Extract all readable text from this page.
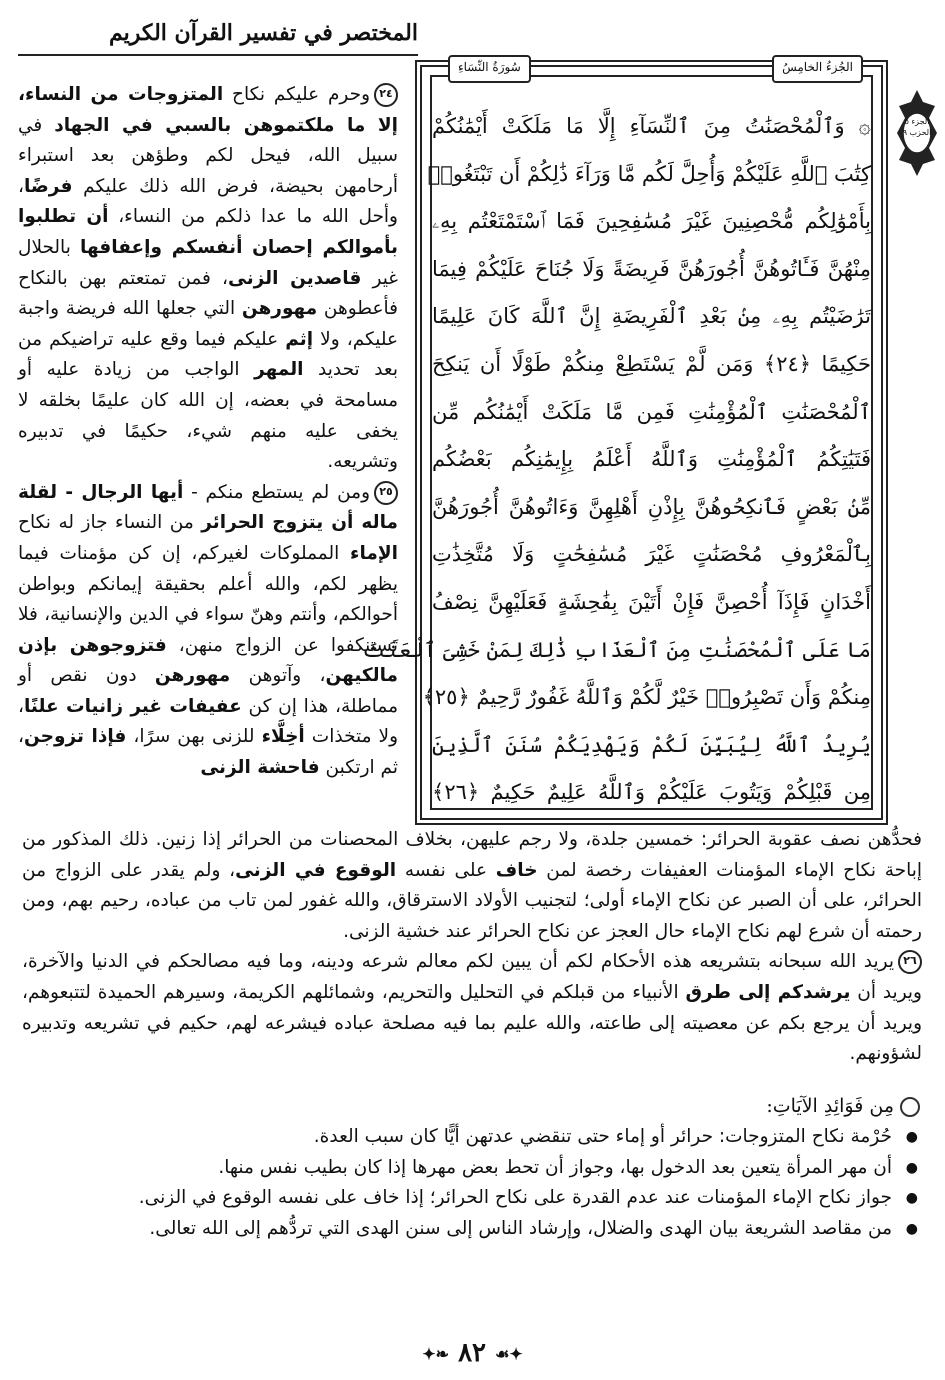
المختصر في تفسير القرآن الكريم
الجزء ٥ الحزب ٩
الجُزءُ الخامِسُ
سُورَةُ النِّسَاءِ
۞ وَٱلْمُحْصَنَٰتُ مِنَ ٱلنِّسَآءِ إِلَّا مَا مَلَكَتْ أَيْمَٰنُكُمْ
كِتَٰبَ ٱللَّهِ عَلَيْكُمْ وَأُحِلَّ لَكُم مَّا وَرَآءَ ذَٰلِكُمْ أَن تَبْتَغُوا۟
بِأَمْوَٰلِكُم مُّحْصِنِينَ غَيْرَ مُسَٰفِحِينَ فَمَا ٱسْتَمْتَعْتُم بِهِۦ
مِنْهُنَّ فَـَٔاتُوهُنَّ أُجُورَهُنَّ فَرِيضَةً وَلَا جُنَاحَ عَلَيْكُمْ فِيمَا
تَرَٰضَيْتُم بِهِۦ مِنۢ بَعْدِ ٱلْفَرِيضَةِ إِنَّ ٱللَّهَ كَانَ عَلِيمًا
حَكِيمًا ﴿٢٤﴾ وَمَن لَّمْ يَسْتَطِعْ مِنكُمْ طَوْلًا أَن يَنكِحَ
ٱلْمُحْصَنَٰتِ ٱلْمُؤْمِنَٰتِ فَمِن مَّا مَلَكَتْ أَيْمَٰنُكُم مِّن
فَتَيَٰتِكُمُ ٱلْمُؤْمِنَٰتِ وَٱللَّهُ أَعْلَمُ بِإِيمَٰنِكُم بَعْضُكُم
مِّنۢ بَعْضٍ فَٱنكِحُوهُنَّ بِإِذْنِ أَهْلِهِنَّ وَءَاتُوهُنَّ أُجُورَهُنَّ
بِٱلْمَعْرُوفِ مُحْصَنَٰتٍ غَيْرَ مُسَٰفِحَٰتٍ وَلَا مُتَّخِذَٰتِ
أَخْدَانٍ فَإِذَآ أُحْصِنَّ فَإِنْ أَتَيْنَ بِفَٰحِشَةٍ فَعَلَيْهِنَّ نِصْفُ
مَا عَلَى ٱلْمُحْصَنَٰتِ مِنَ ٱلْعَذَابِ ذَٰلِكَ لِمَنْ خَشِىَ ٱلْعَنَتَ
مِنكُمْ وَأَن تَصْبِرُوا۟ خَيْرٌ لَّكُمْ وَٱللَّهُ غَفُورٌ رَّحِيمٌ ﴿٢٥﴾
يُرِيدُ ٱللَّهُ لِيُبَيِّنَ لَكُمْ وَيَهْدِيَكُمْ سُنَنَ ٱلَّذِينَ
مِن قَبْلِكُمْ وَيَتُوبَ عَلَيْكُمْ وَٱللَّهُ عَلِيمٌ حَكِيمٌ ﴿٢٦﴾

٢٤وحرم عليكم نكاح المتزوجات من النساء، إلا ما ملكتموهن بالسبي في الجهاد في سبيل الله، فيحل لكم وطؤهن بعد استبراء أرحامهن بحيضة، فرض الله ذلك عليكم فرضًا، وأحل الله ما عدا ذلكم من النساء، أن تطلبوا بأموالكم إحصان أنفسكم وإعفافها بالحلال غير قاصدين الزنى، فمن تمتعتم بهن بالنكاح فأعطوهن مهورهن التي جعلها الله فريضة واجبة عليكم، ولا إثم عليكم فيما وقع عليه تراضيكم من بعد تحديد المهر الواجب من زيادة عليه أو مسامحة في بعضه، إن الله كان عليمًا بخلقه لا يخفى عليه منهم شيء، حكيمًا في تدبيره وتشريعه.

٢٥ومن لم يستطع منكم - أيها الرجال - لقلة ماله أن يتزوج الحرائر من النساء جاز له نكاح الإماء المملوكات لغيركم، إن كن مؤمنات فيما يظهر لكم، والله أعلم بحقيقة إيمانكم وبواطن أحوالكم، وأنتم وهنّ سواء في الدين والإنسانية، فلا تَستنكفوا عن الزواج منهن، فتزوجوهن بإذن مالكيهن، وآتوهن مهورهن دون نقص أو مماطلة، هذا إن كن عفيفات غير زانيات علنًا، ولا متخذات أخِلَّاء للزنى بهن سرًا، فإذا تزوجن، ثم ارتكبن فاحشة الزنى

فحدُّهن نصف عقوبة الحرائر: خمسين جلدة، ولا رجم عليهن، بخلاف المحصنات من الحرائر إذا زنين. ذلك المذكور من إباحة نكاح الإماء المؤمنات العفيفات رخصة لمن خاف على نفسه الوقوع في الزنى، ولم يقدر على الزواج من الحرائر، على أن الصبر عن نكاح الإماء أولى؛ لتجنيب الأولاد الاسترقاق، والله غفور لمن تاب من عباده، رحيم بهم، ومن رحمته أن شرع لهم نكاح الإماء حال العجز عن نكاح الحرائر عند خشية الزنى.

٢٦يريد الله سبحانه بتشريعه هذه الأحكام لكم أن يبين لكم معالم شرعه ودينه، وما فيه مصالحكم في الدنيا والآخرة، ويريد أن يرشدكم إلى طرق الأنبياء من قبلكم في التحليل والتحريم، وشمائلهم الكريمة، وسيرهم الحميدة لتتبعوهم، ويريد أن يرجع بكم عن معصيته إلى طاعته، والله عليم بما فيه مصلحة عباده فيشرعه لهم، حكيم في تشريعه وتدبيره لشؤونهم.

مِن فَوَائِدِ الآيَاتِ:
● حُرْمة نكاح المتزوجات: حرائر أو إماء حتى تنقضي عدتهن أيًّا كان سبب العدة.
● أن مهر المرأة يتعين بعد الدخول بها، وجواز أن تحط بعض مهرها إذا كان بطيب نفس منها.
● جواز نكاح الإماء المؤمنات عند عدم القدرة على نكاح الحرائر؛ إذا خاف على نفسه الوقوع في الزنى.
● من مقاصد الشريعة بيان الهدى والضلال، وإرشاد الناس إلى سنن الهدى التي تردُّهم إلى الله تعالى.
✦❧ ٨٢ ☙✦
